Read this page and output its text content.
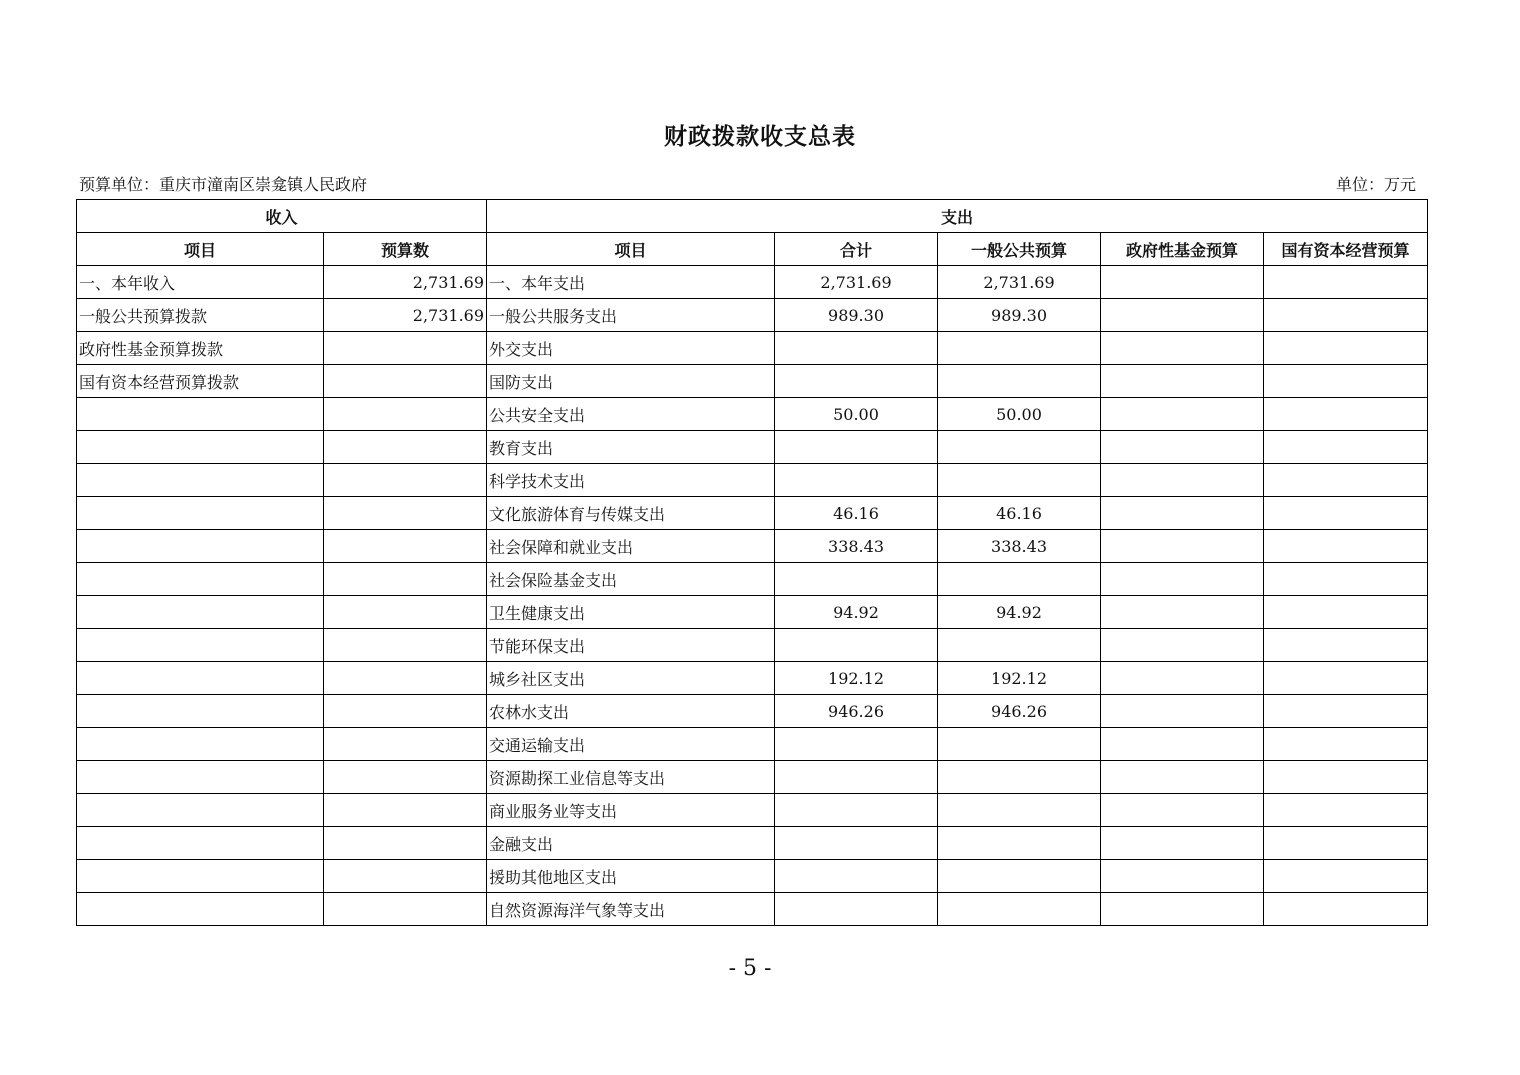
财政拨款收支总表
预算单位：重庆市潼南区崇龛镇人民政府	单位：万元
收入		支出				
项目	预算数	项目	合计	一般公共预算	政府性基金预算	国有资本经营预算
一、本年收入	2,731.69	一、本年支出	2,731.69	2,731.69		
一般公共预算拨款	2,731.69	一般公共服务支出	989.30	989.30		
政府性基金预算拨款		外交支出				
国有资本经营预算拨款		国防支出				
		公共安全支出	50.00	50.00		
		教育支出				
		科学技术支出				
		文化旅游体育与传媒支出	46.16	46.16		
		社会保障和就业支出	338.43	338.43		
		社会保险基金支出				
		卫生健康支出	94.92	94.92		
		节能环保支出				
		城乡社区支出	192.12	192.12		
		农林水支出	946.26	946.26		
		交通运输支出				
		资源勘探工业信息等支出				
		商业服务业等支出				
		金融支出				
		援助其他地区支出				
		自然资源海洋气象等支出				
- 5 -
